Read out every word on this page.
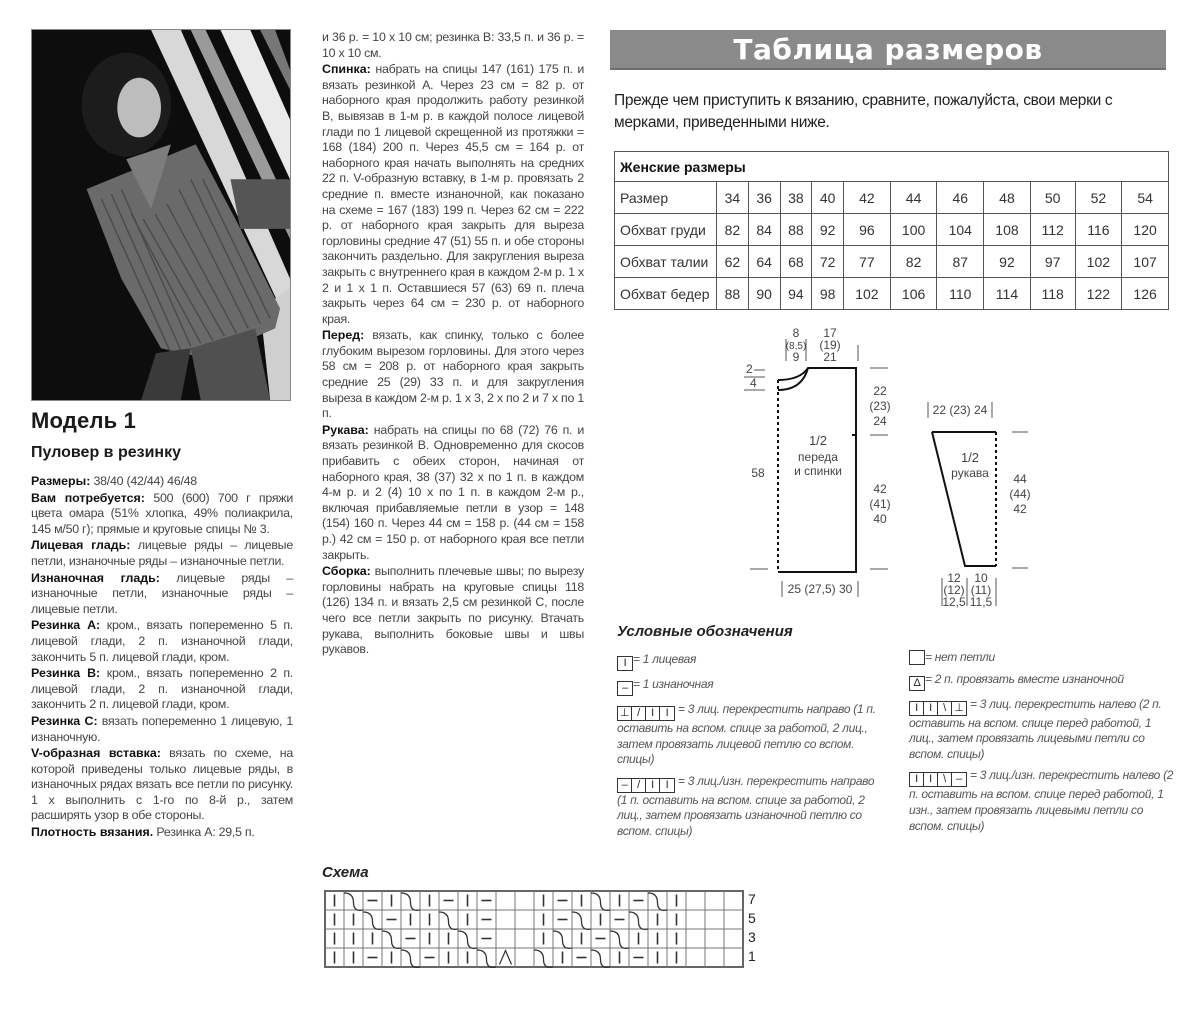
Модель 1
Пуловер в резинку

Размеры: 38/40 (42/44) 46/48

Вам потребуется: 500 (600) 700 г пряжи цвета омара (51% хлопка, 49% полиакрила, 145 м/50 г); прямые и круговые спицы № 3.

Лицевая гладь: лицевые ряды – лицевые петли, изнаночные ряды – изнаночные петли.

Изнаночная гладь: лицевые ряды – изнаночные петли, изнаночные ряды – лицевые петли.

Резинка А: кром., вязать попеременно 5 п. лицевой глади, 2 п. изнаночной глади, закончить 5 п. лицевой глади, кром.

Резинка В: кром., вязать попеременно 2 п. лицевой глади, 2 п. изнаночной глади, закончить 2 п. лицевой глади, кром.

Резинка С: вязать попеременно 1 лицевую, 1 изнаночную.

V-образная вставка: вязать по схеме, на которой приведены только лицевые ряды, в изнаночных рядах вязать все петли по рисунку. 1 х выполнить с 1-го по 8-й р., затем расширять узор в обе стороны.

Плотность вязания. Резинка А: 29,5 п.

и 36 р. = 10 х 10 см; резинка В: 33,5 п. и 36 р. = 10 х 10 см.

Спинка: набрать на спицы 147 (161) 175 п. и вязать резинкой А. Через 23 см = 82 р. от наборного края продолжить работу резинкой В, вывязав в 1-м р. в каждой полосе лицевой глади по 1 лицевой скрещенной из протяжки = 168 (184) 200 п. Через 45,5 см = 164 р. от наборного края начать выполнять на средних 22 п. V-образную вставку, в 1-м р. провязать 2 средние п. вместе изнаночной, как показано на схеме = 167 (183) 199 п. Через 62 см = 222 р. от наборного края закрыть для выреза горловины средние 47 (51) 55 п. и обе стороны закончить раздельно. Для закругления выреза закрыть с внутреннего края в каждом 2-м р. 1 х 2 и 1 х 1 п. Оставшиеся 57 (63) 69 п. плеча закрыть через 64 см = 230 р. от наборного края.

Перед: вязать, как спинку, только с более глубоким вырезом горловины. Для этого через 58 см = 208 р. от наборного края закрыть средние 25 (29) 33 п. и для закругления выреза в каждом 2-м р. 1 х 3, 2 х по 2 и 7 х по 1 п.

Рукава: набрать на спицы по 68 (72) 76 п. и вязать резинкой В. Одновременно для скосов прибавить с обеих сторон, начиная от наборного края, 38 (37) 32 х по 1 п. в каждом 4-м р. и 2 (4) 10 х по 1 п. в каждом 2-м р., включая прибавляемые петли в узор = 148 (154) 160 п. Через 44 см = 158 р. (44 см = 158 р.) 42 см = 150 р. от наборного края все петли закрыть.

Сборка: выполнить плечевые швы; по вырезу горловины набрать на круговые спицы 118 (126) 134 п. и вязать 2,5 см резинкой С, после чего все петли закрыть по рисунку. Втачать рукава, выполнить боковые швы и швы рукавов.

Таблица размеров
Прежде чем приступить к вязанию, сравните, пожалуйста, свои мерки с мерками, приведенными ниже.
Женские размеры											
Размер	34	36	38	40	42	44	46	48	50	52	54
Обхват груди	82	84	88	92	96	100	104	108	112	116	120
Обхват талии	62	64	68	72	77	82	87	92	97	102	107
Обхват бедер	88	90	94	98	102	106	110	114	118	122	126
8
(8,5)
9
17
(19)
21
2
4
1/2
переда
и спинки
58
22
(23)
24
42
(41)
40
25 (27,5) 30
22 (23) 24
1/2
рукава 44
(44)
42
12
(12)
12,5
10
(11)
11,5
Условные обозначения
I = 1 лицевая
– = 1 изнаночная
⊥ / I I = 3 лиц. перекрестить направо (1 п. оставить на вспом. спице за работой, 2 лиц., затем провязать лицевой петлю со вспом. спицы)
– / I I = 3 лиц./изн. перекрестить направо (1 п. оставить на вспом. спице за работой, 2 лиц., затем провязать изнаночной петлю со вспом. спицы)
= нет петли
Δ = 2 п. провязать вместе изнаночной
I I \ ⊥ = 3 лиц. перекрестить налево (2 п. оставить на вспом. спице перед работой, 1 лиц., затем провязать лицевыми петли со вспом. спицы)
I I \ – = 3 лиц./изн. перекрестить налево (2 п. оставить на вспом. спице перед работой, 1 изн., затем провязать лицевыми петли со вспом. спицы)
Схема
7
5
3
1
